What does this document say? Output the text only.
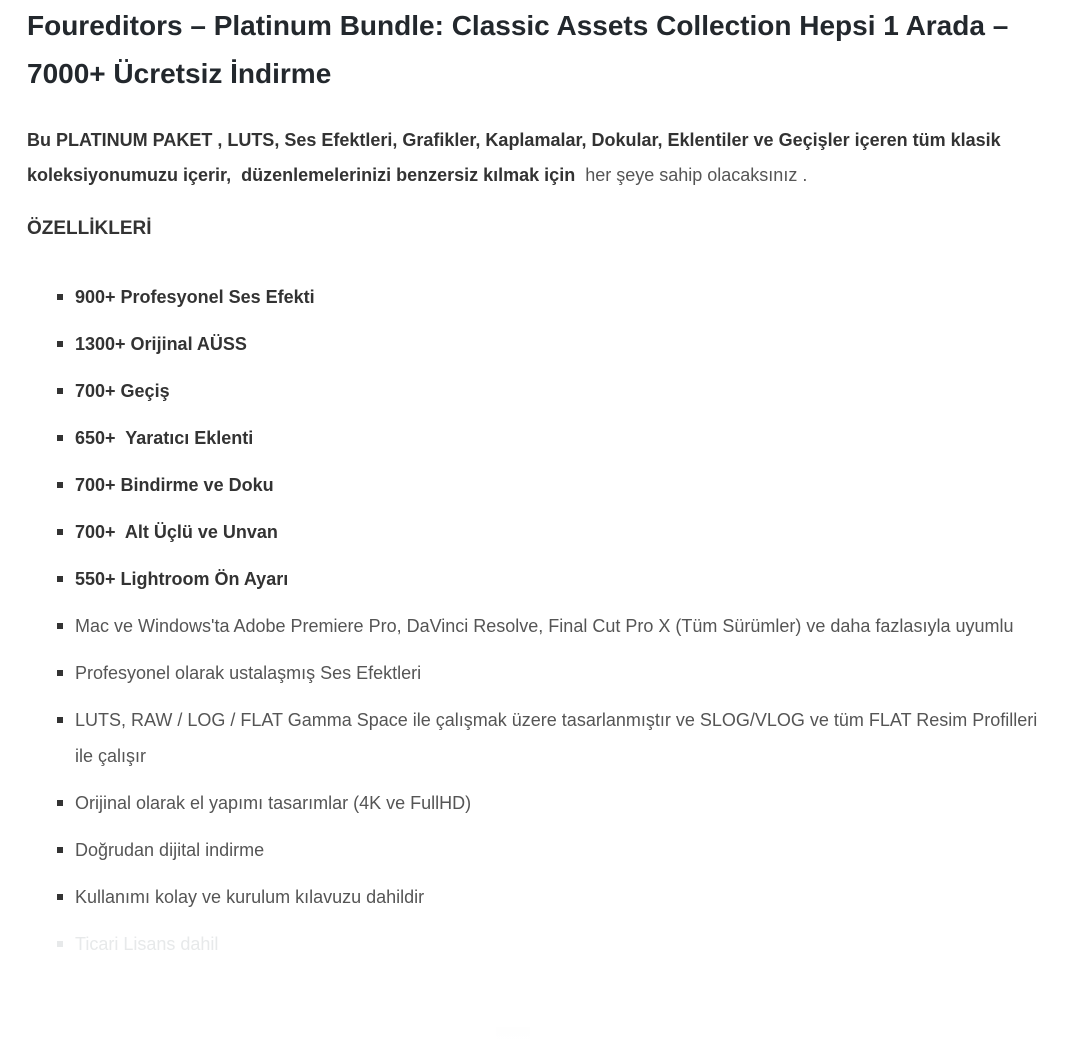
Foureditors – Platinum Bundle: Classic Assets Collection Hepsi 1 Arada – 7000+ Ücretsiz İndirme

Bu PLATINUM PAKET , LUTS, Ses Efektleri, Grafikler, Kaplamalar, Dokular, Eklentiler ve Geçişler içeren tüm klasik koleksiyonumuzu içerir,  düzenlemelerinizi benzersiz kılmak için  her şeye sahip olacaksınız .

ÖZELLİKLERİ
900+ Profesyonel Ses Efekti
1300+ Orijinal AÜSS
700+ Geçiş
650+  Yaratıcı Eklenti
700+ Bindirme ve Doku
700+  Alt Üçlü ve Unvan
550+ Lightroom Ön Ayarı
Mac ve Windows'ta Adobe Premiere Pro, DaVinci Resolve, Final Cut Pro X (Tüm Sürümler) ve daha fazlasıyla uyumlu
Profesyonel olarak ustalaşmış Ses Efektleri
LUTS, RAW / LOG / FLAT Gamma Space ile çalışmak üzere tasarlanmıştır ve SLOG/VLOG ve tüm FLAT Resim Profilleri ile çalışır
Orijinal olarak el yapımı tasarımlar (4K ve FullHD)
Doğrudan dijital indirme
Kullanımı kolay ve kurulum kılavuzu dahildir
Ticari Lisans dahil
